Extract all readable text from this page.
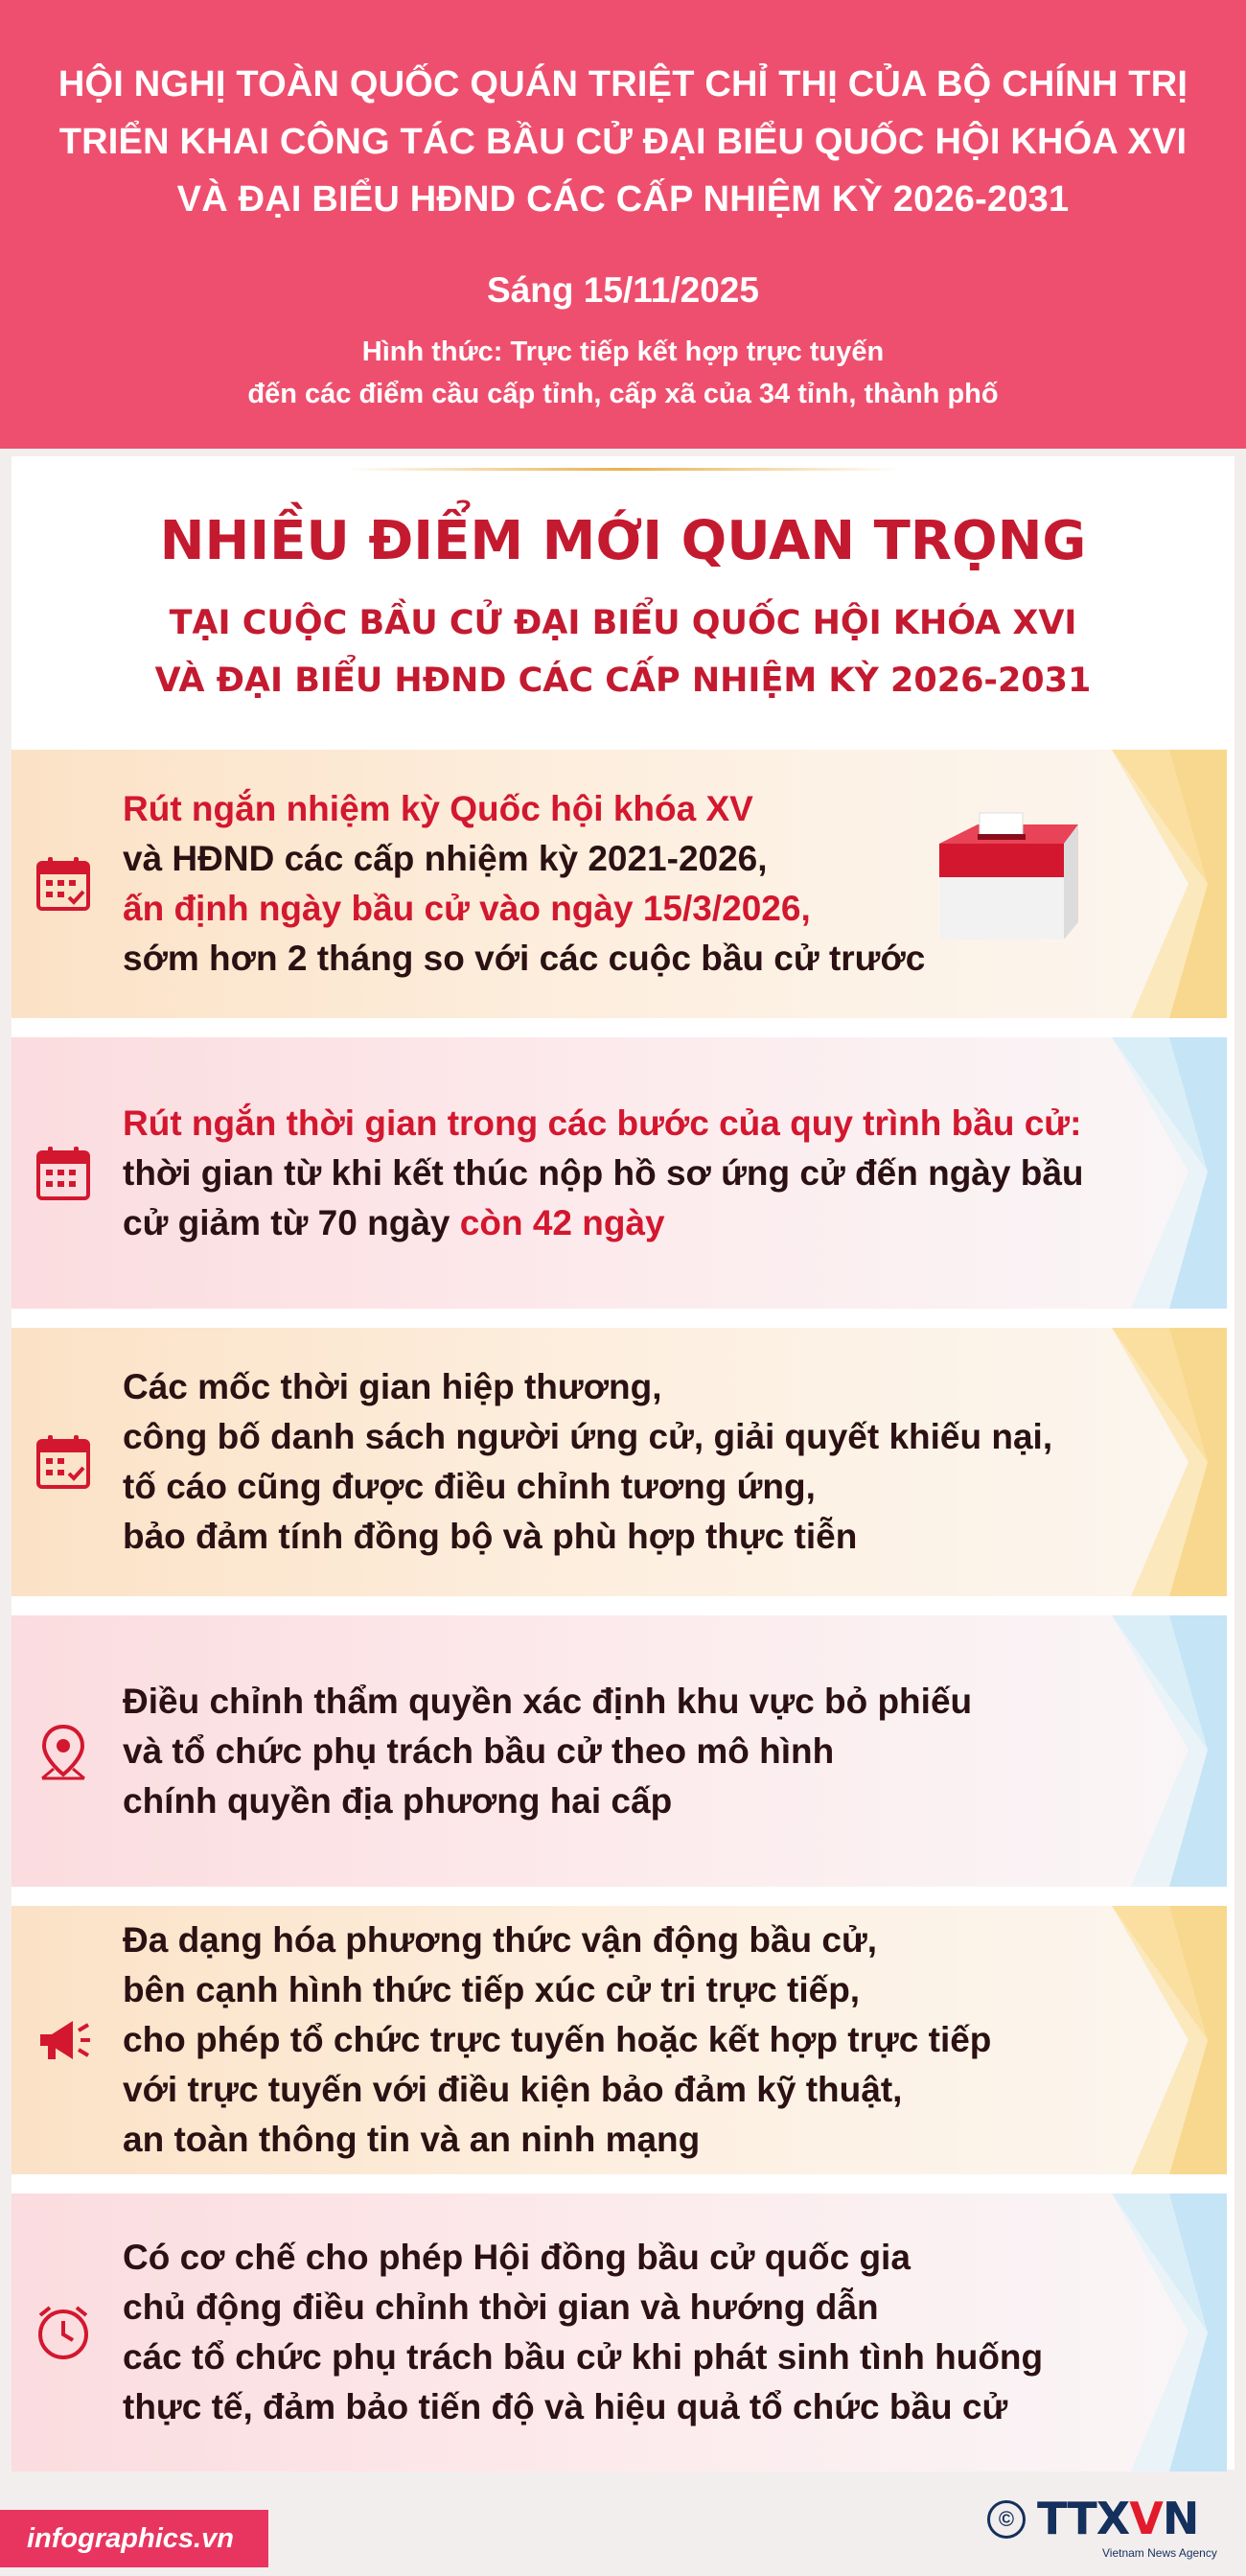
HỘI NGHỊ TOÀN QUỐC QUÁN TRIỆT CHỈ THỊ CỦA BỘ CHÍNH TRỊ
TRIỂN KHAI CÔNG TÁC BẦU CỬ ĐẠI BIỂU QUỐC HỘI KHÓA XVI
VÀ ĐẠI BIỂU HĐND CÁC CẤP NHIỆM KỲ 2026-2031
Sáng 15/11/2025
Hình thức: Trực tiếp kết hợp trực tuyến
đến các điểm cầu cấp tỉnh, cấp xã của 34 tỉnh, thành phố
NHIỀU ĐIỂM MỚI QUAN TRỌNG
TẠI CUỘC BẦU CỬ ĐẠI BIỂU QUỐC HỘI KHÓA XVI
VÀ ĐẠI BIỂU HĐND CÁC CẤP NHIỆM KỲ 2026-2031
Rút ngắn nhiệm kỳ Quốc hội khóa XV
và HĐND các cấp nhiệm kỳ 2021-2026,
ấn định ngày bầu cử vào ngày 15/3/2026,
sớm hơn 2 tháng so với các cuộc bầu cử trước
Rút ngắn thời gian trong các bước của quy trình bầu cử:
thời gian từ khi kết thúc nộp hồ sơ ứng cử đến ngày bầu
cử giảm từ 70 ngày còn 42 ngày
Các mốc thời gian hiệp thương,
công bố danh sách người ứng cử, giải quyết khiếu nại,
tố cáo cũng được điều chỉnh tương ứng,
bảo đảm tính đồng bộ và phù hợp thực tiễn
Điều chỉnh thẩm quyền xác định khu vực bỏ phiếu
và tổ chức phụ trách bầu cử theo mô hình
chính quyền địa phương hai cấp
Đa dạng hóa phương thức vận động bầu cử,
bên cạnh hình thức tiếp xúc cử tri trực tiếp,
cho phép tổ chức trực tuyến hoặc kết hợp trực tiếp
với trực tuyến với điều kiện bảo đảm kỹ thuật,
an toàn thông tin và an ninh mạng
Có cơ chế cho phép Hội đồng bầu cử quốc gia
chủ động điều chỉnh thời gian và hướng dẫn
các tổ chức phụ trách bầu cử khi phát sinh tình huống
thực tế, đảm bảo tiến độ và hiệu quả tổ chức bầu cử
infographics.vn
© TTXVN
Vietnam News Agency
